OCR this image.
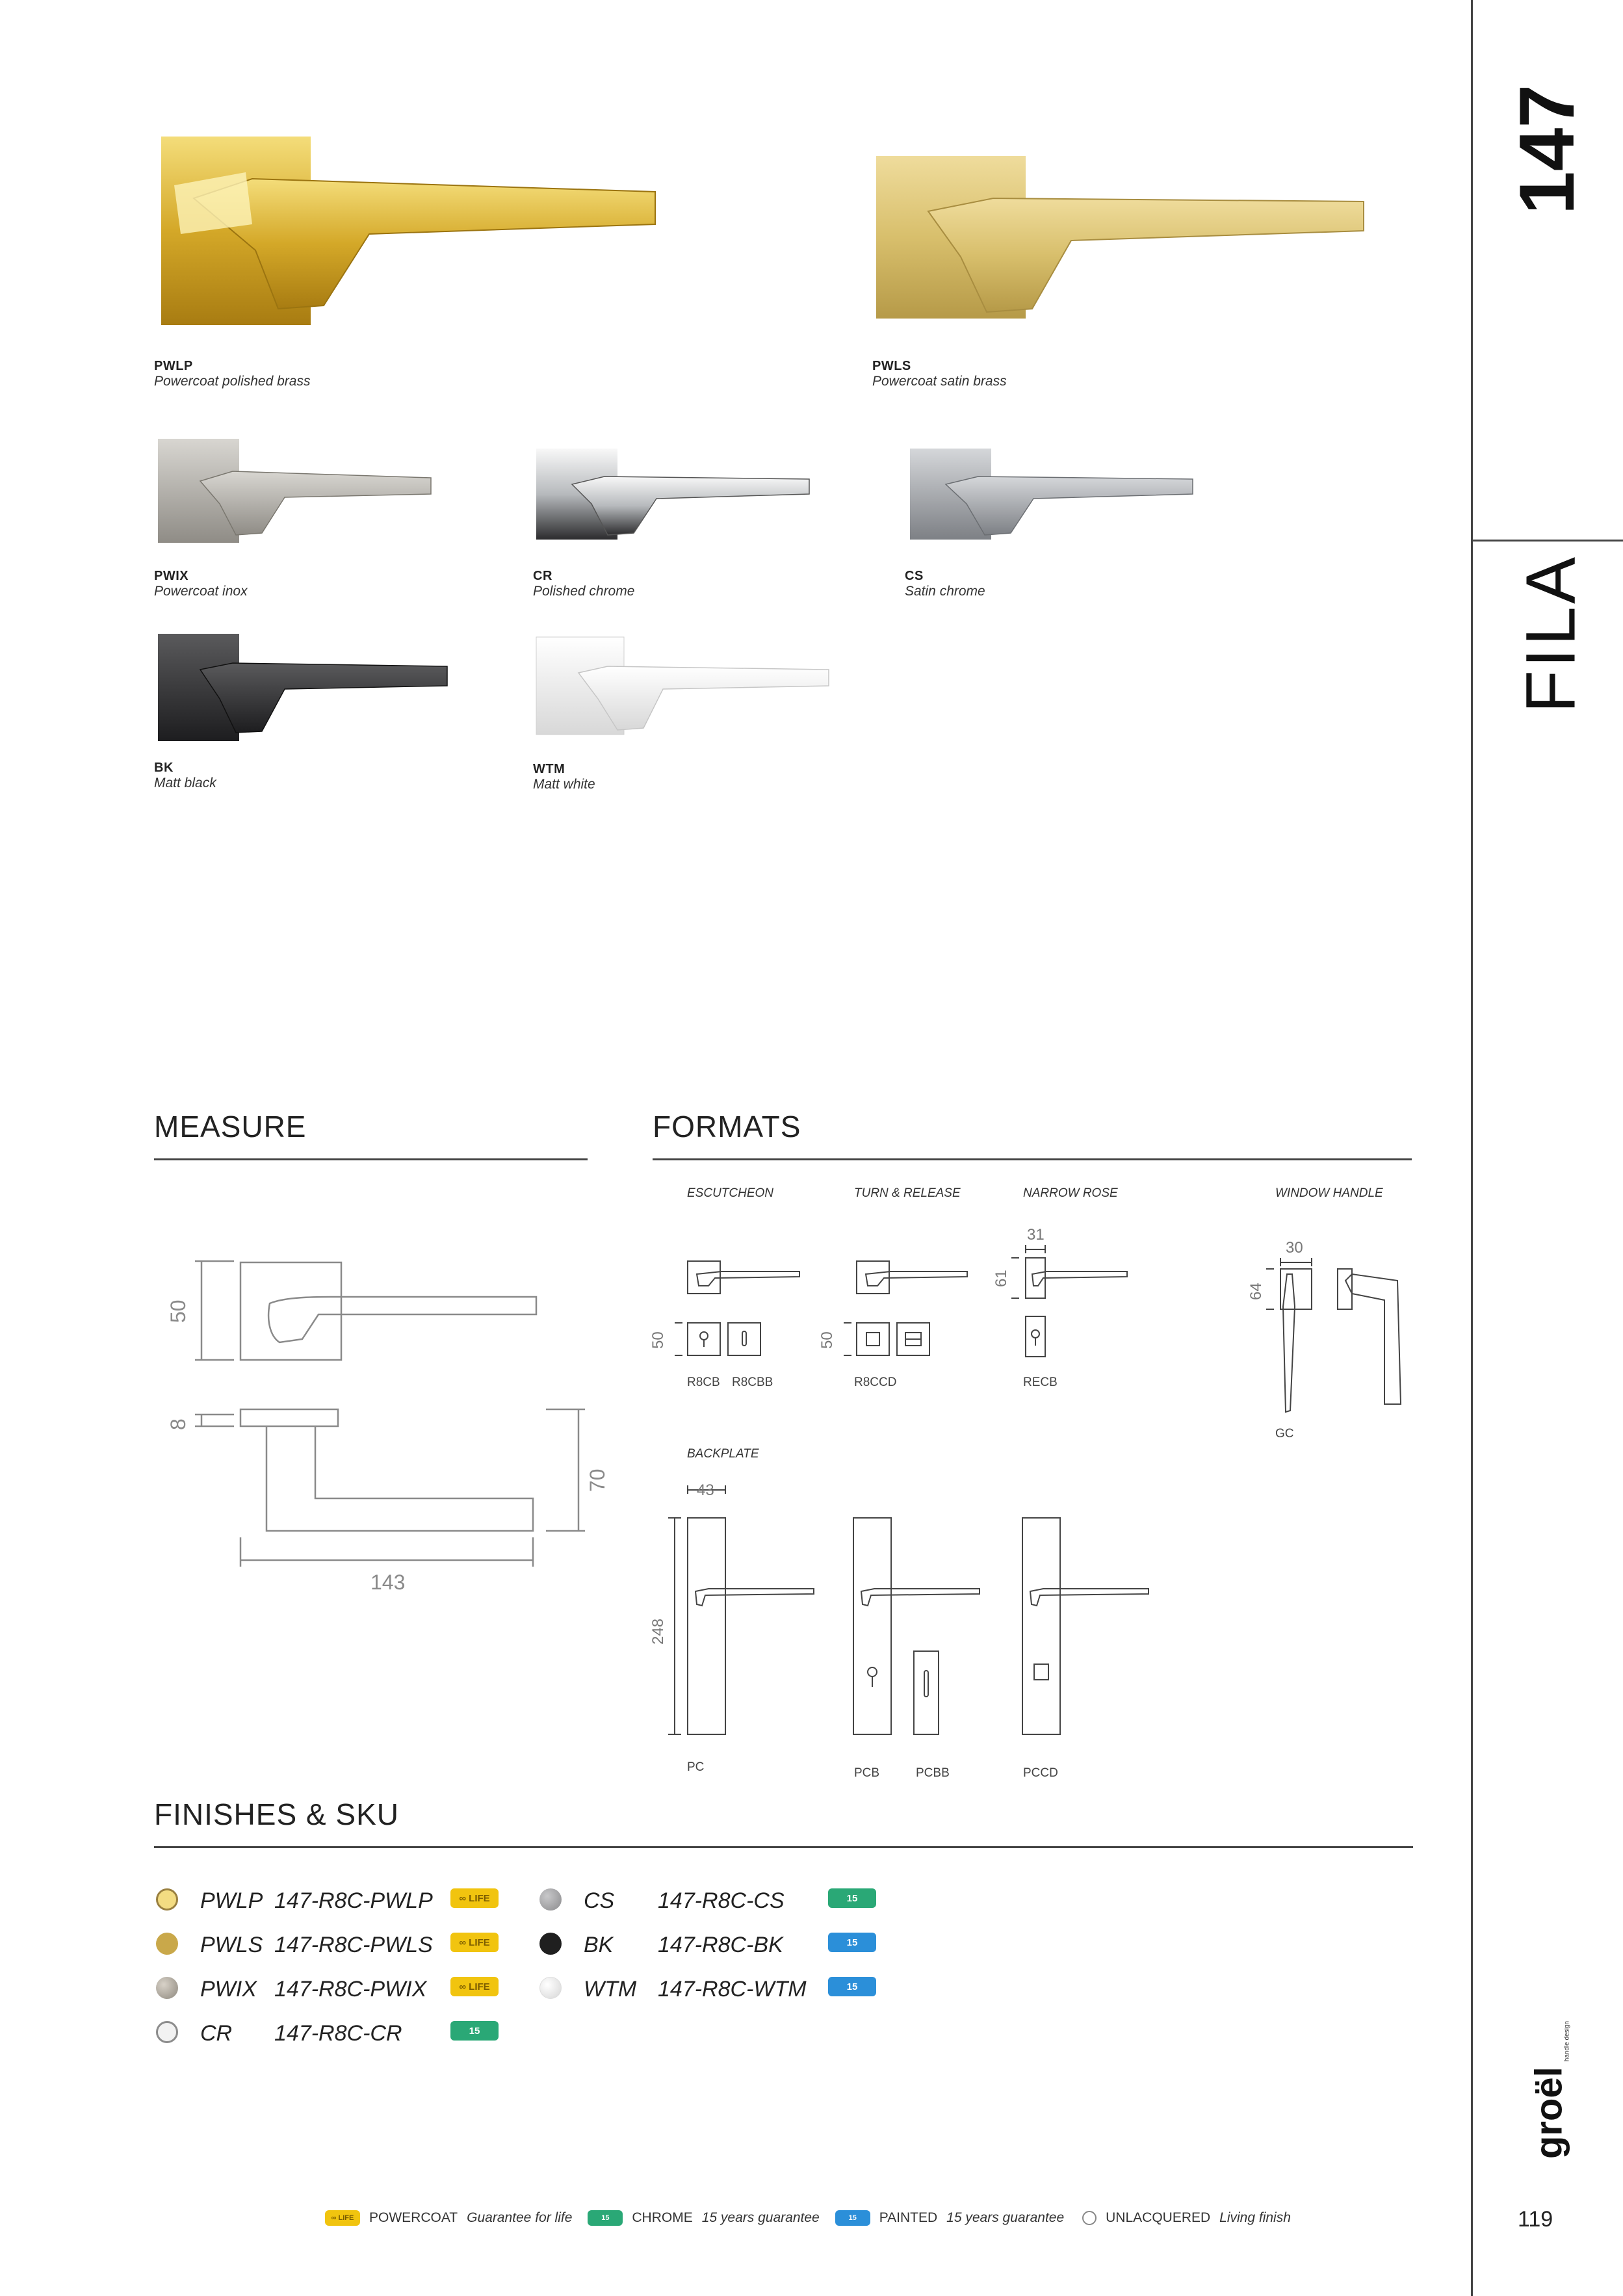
147
FILA
groël
handle design
119
PWLP
Powercoat polished brass
PWLS
Powercoat satin brass
PWIX
Powercoat inox
CR
Polished chrome
CS
Satin chrome
BK
Matt black
WTM
Matt white
MEASURE
50
8
70
143
FORMATS
ESCUTCHEON	TURN & RELEASE	NARROW ROSE	WINDOW HANDLE
BACKPLATE
50	50
31
61
30
64
43
248
R8CB R8CBB	R8CCD	RECB
GC
PC	PCB	PCBB	PCCD
FINISHES & SKU
PWLP 147-R8C-PWLP	∞ LIFE
PWLS 147-R8C-PWLS	∞ LIFE
PWIX 147-R8C-PWIX	∞ LIFE
CR 147-R8C-CR	15
CS 147-R8C-CS	15
BK 147-R8C-BK	15
WTM 147-R8C-WTM	15
∞ LIFE	POWERCOAT Guarantee for life	15	CHROME 15 years guarantee	15	PAINTED 15 years guarantee	UNLACQUERED Living finish
